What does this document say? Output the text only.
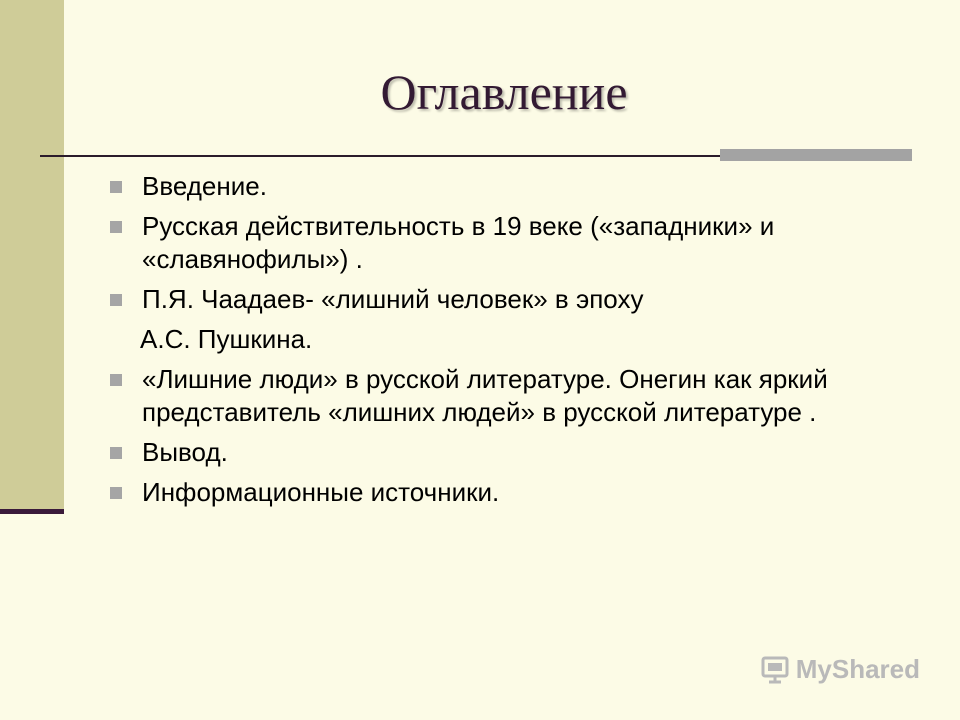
Оглавление
Введение.
Русская действительность в 19 веке («западники» и «славянофилы») .
П.Я. Чаадаев- «лишний человек» в эпоху
А.С. Пушкина.
«Лишние люди» в русской литературе. Онегин как яркий представитель «лишних людей» в русской литературе .
Вывод.
Информационные источники.
MyShared
